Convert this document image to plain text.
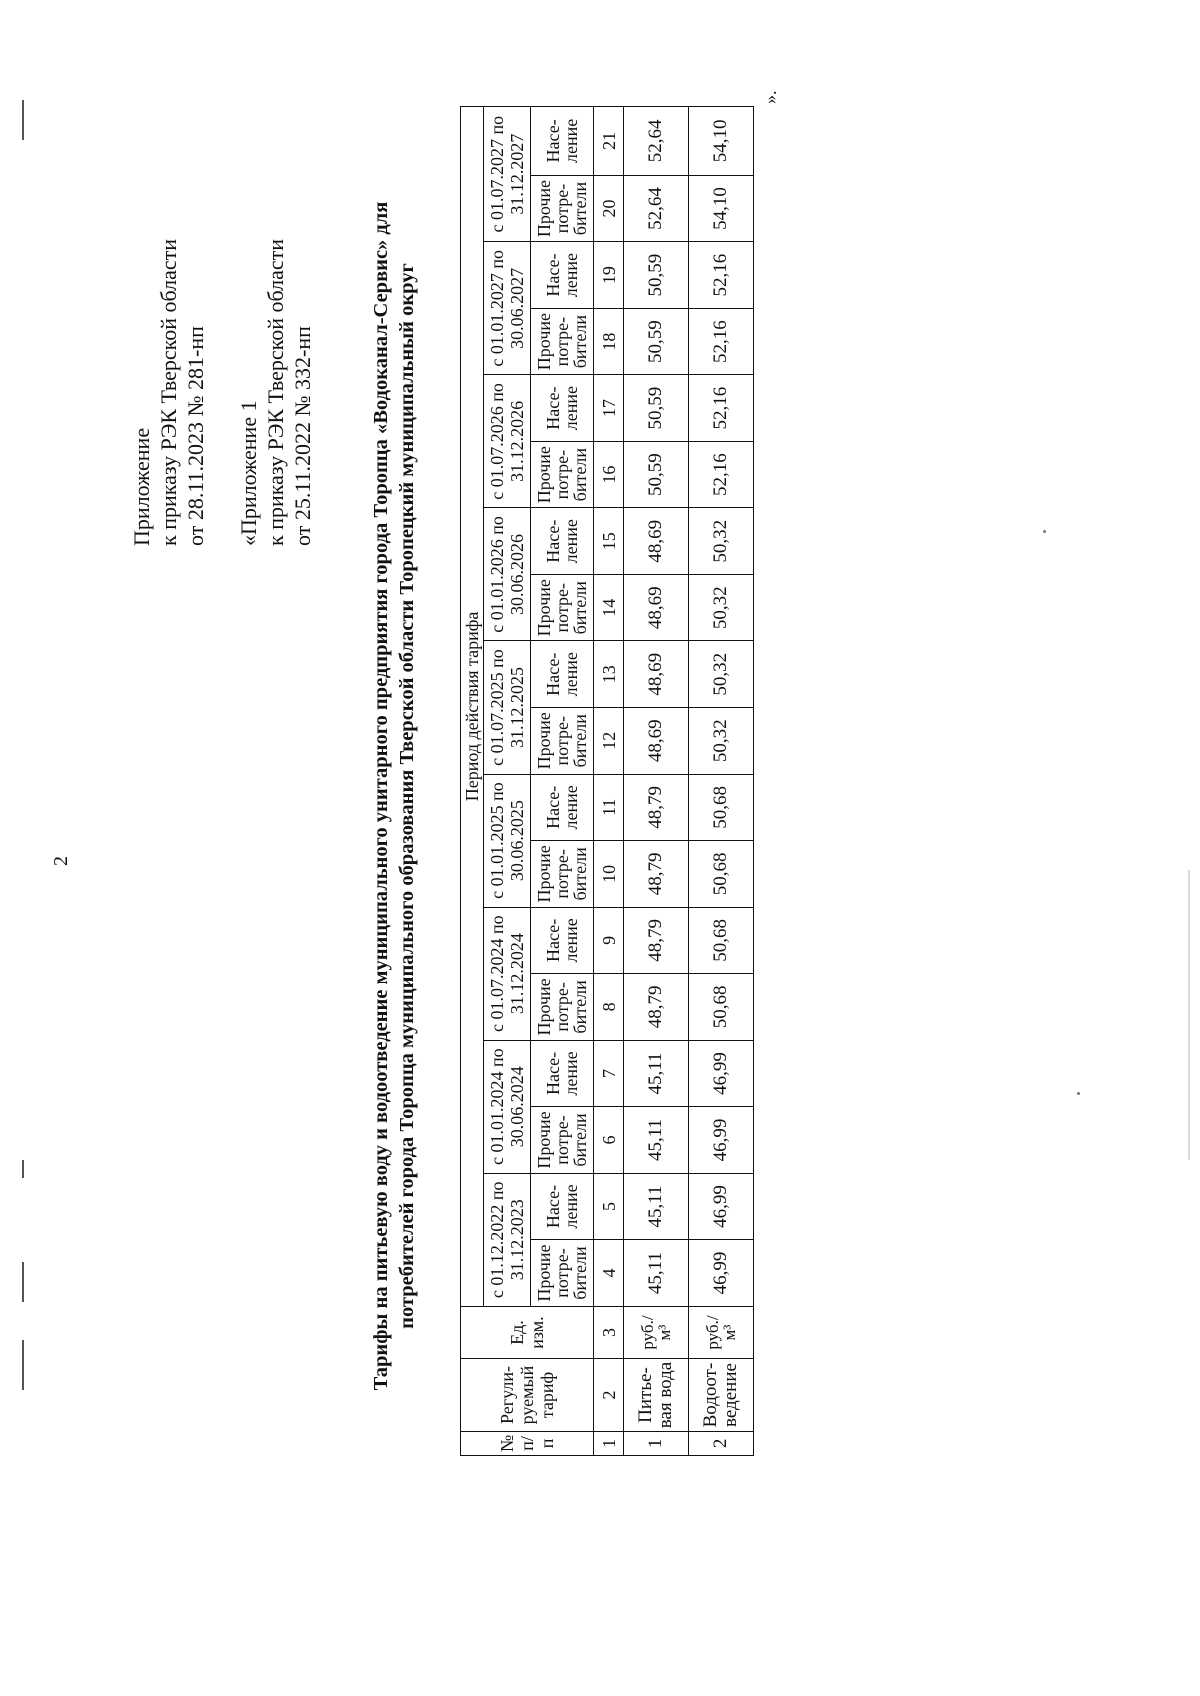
2
Приложение к приказу РЭК Тверской области от 28.11.2023 № 281-нп «Приложение 1 к приказу РЭК Тверской области от 25.11.2022 № 332-нп	Тарифы на питьевую воду и водоотведение муниципального унитарного предприятия города Торопца «Водоканал-Сервис» для потребителей города Торопца муниципального образования Тверской области Торопецкий муниципальный округ
№ п/п	Регули- руемый тариф	Ед. изм.	Период действия тарифа																	
			с 01.12.2022 по 31.12.2023		с 01.01.2024 по 30.06.2024		с 01.07.2024 по 31.12.2024		с 01.01.2025 по 30.06.2025		с 01.07.2025 по 31.12.2025		с 01.01.2026 по 30.06.2026		с 01.07.2026 по 31.12.2026		с 01.01.2027 по 30.06.2027		с 01.07.2027 по 31.12.2027	
			Прочие потре- бители	Насе- ление	Прочие потре- бители	Насе- ление	Прочие потре- бители	Насе- ление	Прочие потре- бители	Насе- ление	Прочие потре- бители	Насе- ление	Прочие потре- бители	Насе- ление	Прочие потре- бители	Насе- ление	Прочие потре- бители	Насе- ление	Прочие потре- бители	Насе- ление
1	2	3	4	5	6	7	8	9	10	11	12	13	14	15	16	17	18	19	20	21
1	Питье- вая вода	руб./м³	45,11	45,11	45,11	45,11	48,79	48,79	48,79	48,79	48,69	48,69	48,69	48,69	50,59	50,59	50,59	50,59	52,64	52,64
2	Водоот- ведение	руб./м³	46,99	46,99	46,99	46,99	50,68	50,68	50,68	50,68	50,32	50,32	50,32	50,32	52,16	52,16	52,16	52,16	54,10	54,10
».
